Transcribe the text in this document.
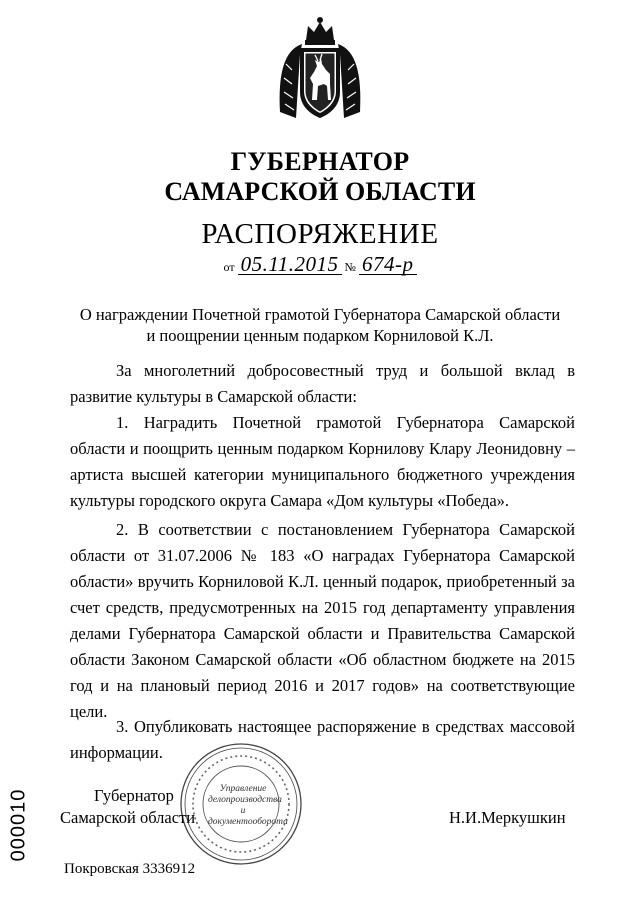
ГУБЕРНАТОР
САМАРСКОЙ ОБЛАСТИ
РАСПОРЯЖЕНИЕ
от 05.11.2015 № 674-р
О награждении Почетной грамотой Губернатора Самарской области
и поощрении ценным подарком Корниловой К.Л.
За многолетний добросовестный труд и большой вклад в развитие культуры в Самарской области:
1. Наградить Почетной грамотой Губернатора Самарской области и поощрить ценным подарком Корнилову Клару Леонидовну – артиста высшей категории муниципального бюджетного учреждения культуры городского округа Самара «Дом культуры «Победа».
2. В соответствии с постановлением Губернатора Самарской области от 31.07.2006 № 183 «О наградах Губернатора Самарской области» вручить Корниловой К.Л. ценный подарок, приобретенный за счет средств, предусмотренных на 2015 год департаменту управления делами Губернатора Самарской области и Правительства Самарской области Законом Самарской области «Об областном бюджете на 2015 год и на плановый период 2016 и 2017 годов» на соответствующие цели.
3. Опубликовать настоящее распоряжение в средствах массовой информации.
Управление
делопроизводства
и документооборота
Губернатор
Самарской области	Н.И.Меркушкин
000010
Покровская 3336912
